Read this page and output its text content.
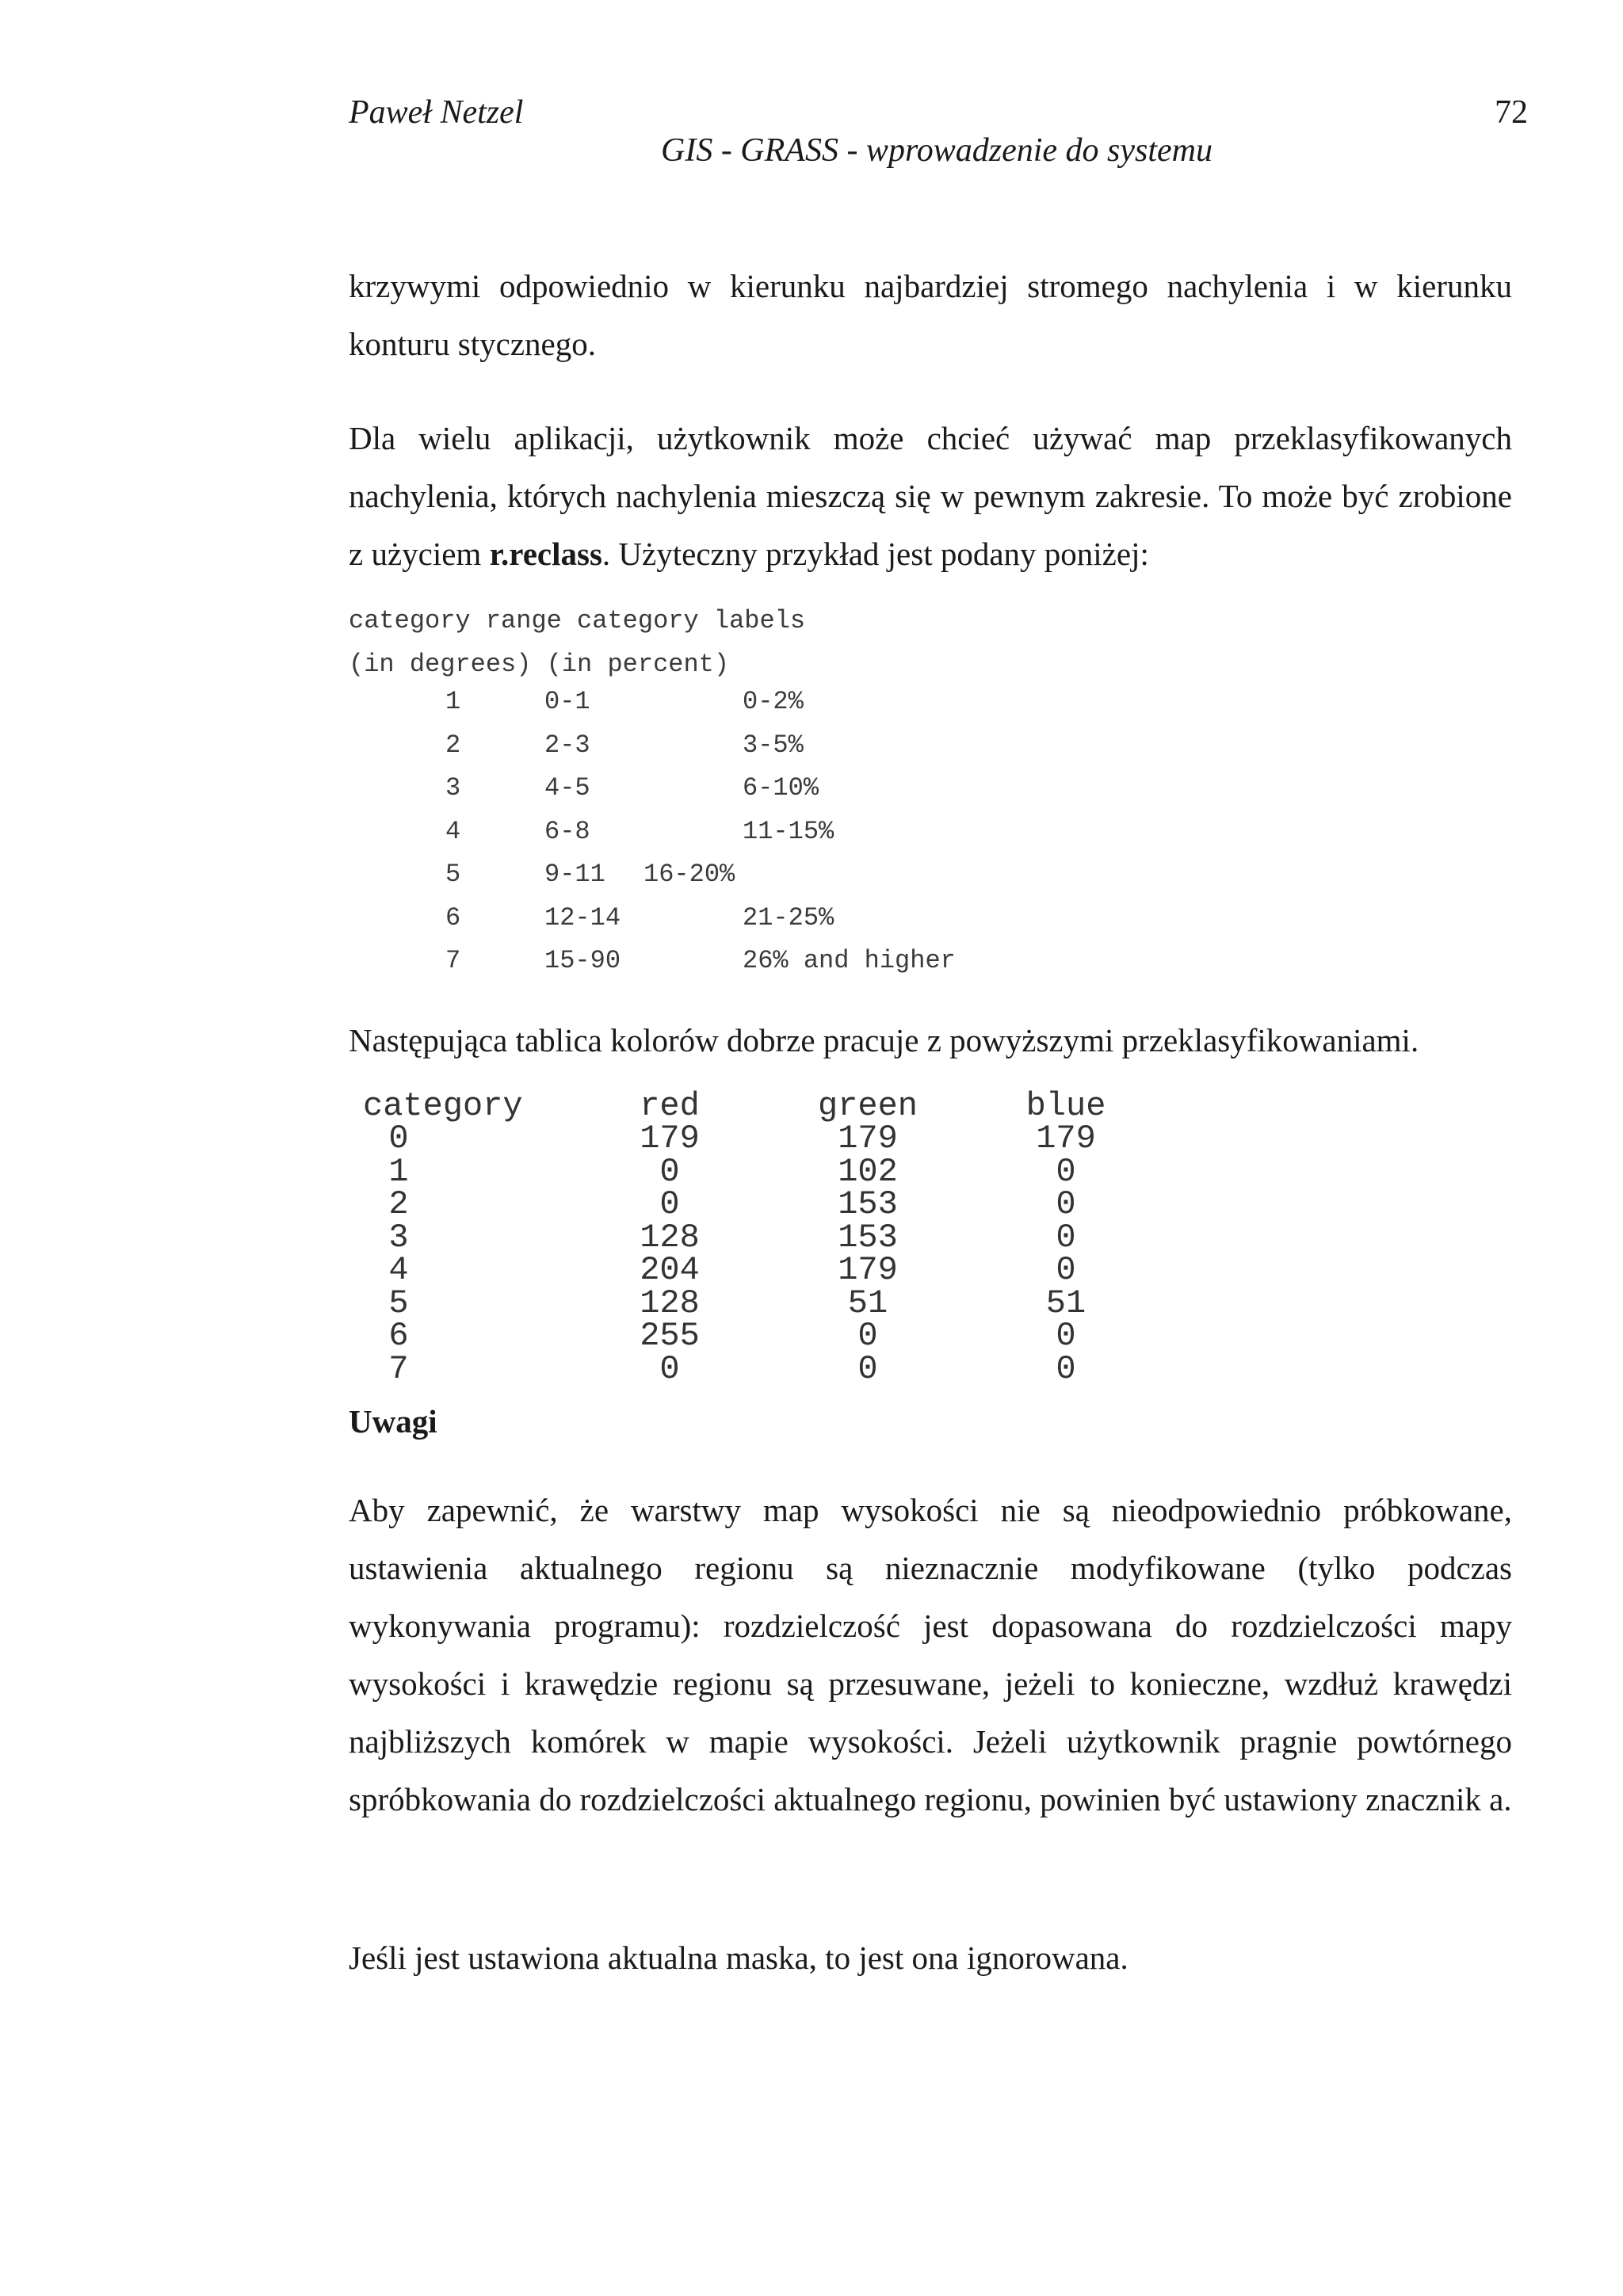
Paweł Netzel	72

GIS - GRASS - wprowadzenie do systemu

krzywymi odpowiednio w kierunku najbardziej stromego nachylenia i w kierunku konturu stycznego.

Dla wielu aplikacji, użytkownik może chcieć używać map przeklasyfikowanych nachylenia, których nachylenia mieszczą się w pewnym zakresie. To może być zrobione z użyciem r.reclass. Użyteczny przykład jest podany poniżej:

category range category labels

(in degrees) (in percent)

1	0-1	0-2%
2	2-3	3-5%
3	4-5	6-10%
4	6-8	11-15%
5	9-11 16-20%
6	12-14	21-25%
7	15-90	26% and higher

Następująca tablica kolorów dobrze pracuje z powyższymi przeklasyfikowaniami.

category	red	green	blue
0	179	179	179
1	0	102	0
2	0	153	0
3	128	153	0
4	204	179	0
5	128	51	51
6	255	0	0
7	0	0	0

Uwagi

Aby zapewnić, że warstwy map wysokości nie są nieodpowiednio próbkowane, ustawienia aktualnego regionu są nieznacznie modyfikowane (tylko podczas wykonywania programu): rozdzielczość jest dopasowana do rozdzielczości mapy wysokości i krawędzie regionu są przesuwane, jeżeli to konieczne, wzdłuż krawędzi najbliższych komórek w mapie wysokości. Jeżeli użytkownik pragnie powtórnego spróbkowania do rozdzielczości aktualnego regionu, powinien być ustawiony znacznik a.

Jeśli jest ustawiona aktualna maska, to jest ona ignorowana.
